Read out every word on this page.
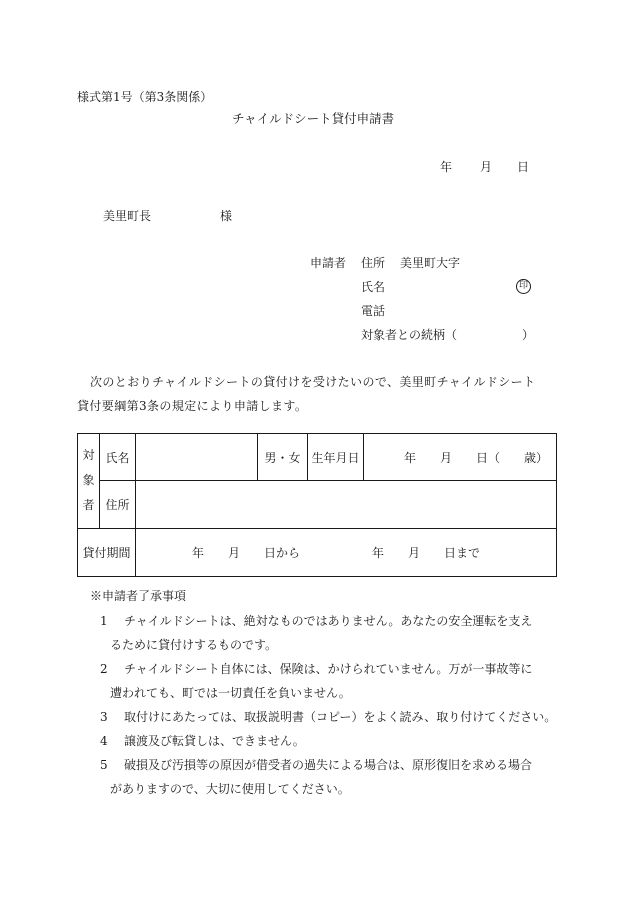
様式第1号（第3条関係）
チャイルドシート貸付申請書
年 月 日
美里町長	様
申請者 住所 美里町大字
氏名	印
電話
対象者との続柄（	）
次のとおりチャイルドシートの貸付けを受けたいので、美里町チャイルドシート
貸付要綱第3条の規定により申請します。
対
象
者	氏名		男・女	生年月日	年　　月　　日（　　歳）
	住所				
貸付期間		年　　月　　日から　　　　　　年　　月　　日まで			
※申請者了承事項
1 チャイルドシートは、絶対なものではありません。あなたの安全運転を支え
るために貸付けするものです。
2 チャイルドシート自体には、保険は、かけられていません。万が一事故等に
遭われても、町では一切責任を負いません。
3 取付けにあたっては、取扱説明書（コピー）をよく読み、取り付けてください。
4 譲渡及び転貸しは、できません。
5 破損及び汚損等の原因が借受者の過失による場合は、原形復旧を求める場合
がありますので、大切に使用してください。
